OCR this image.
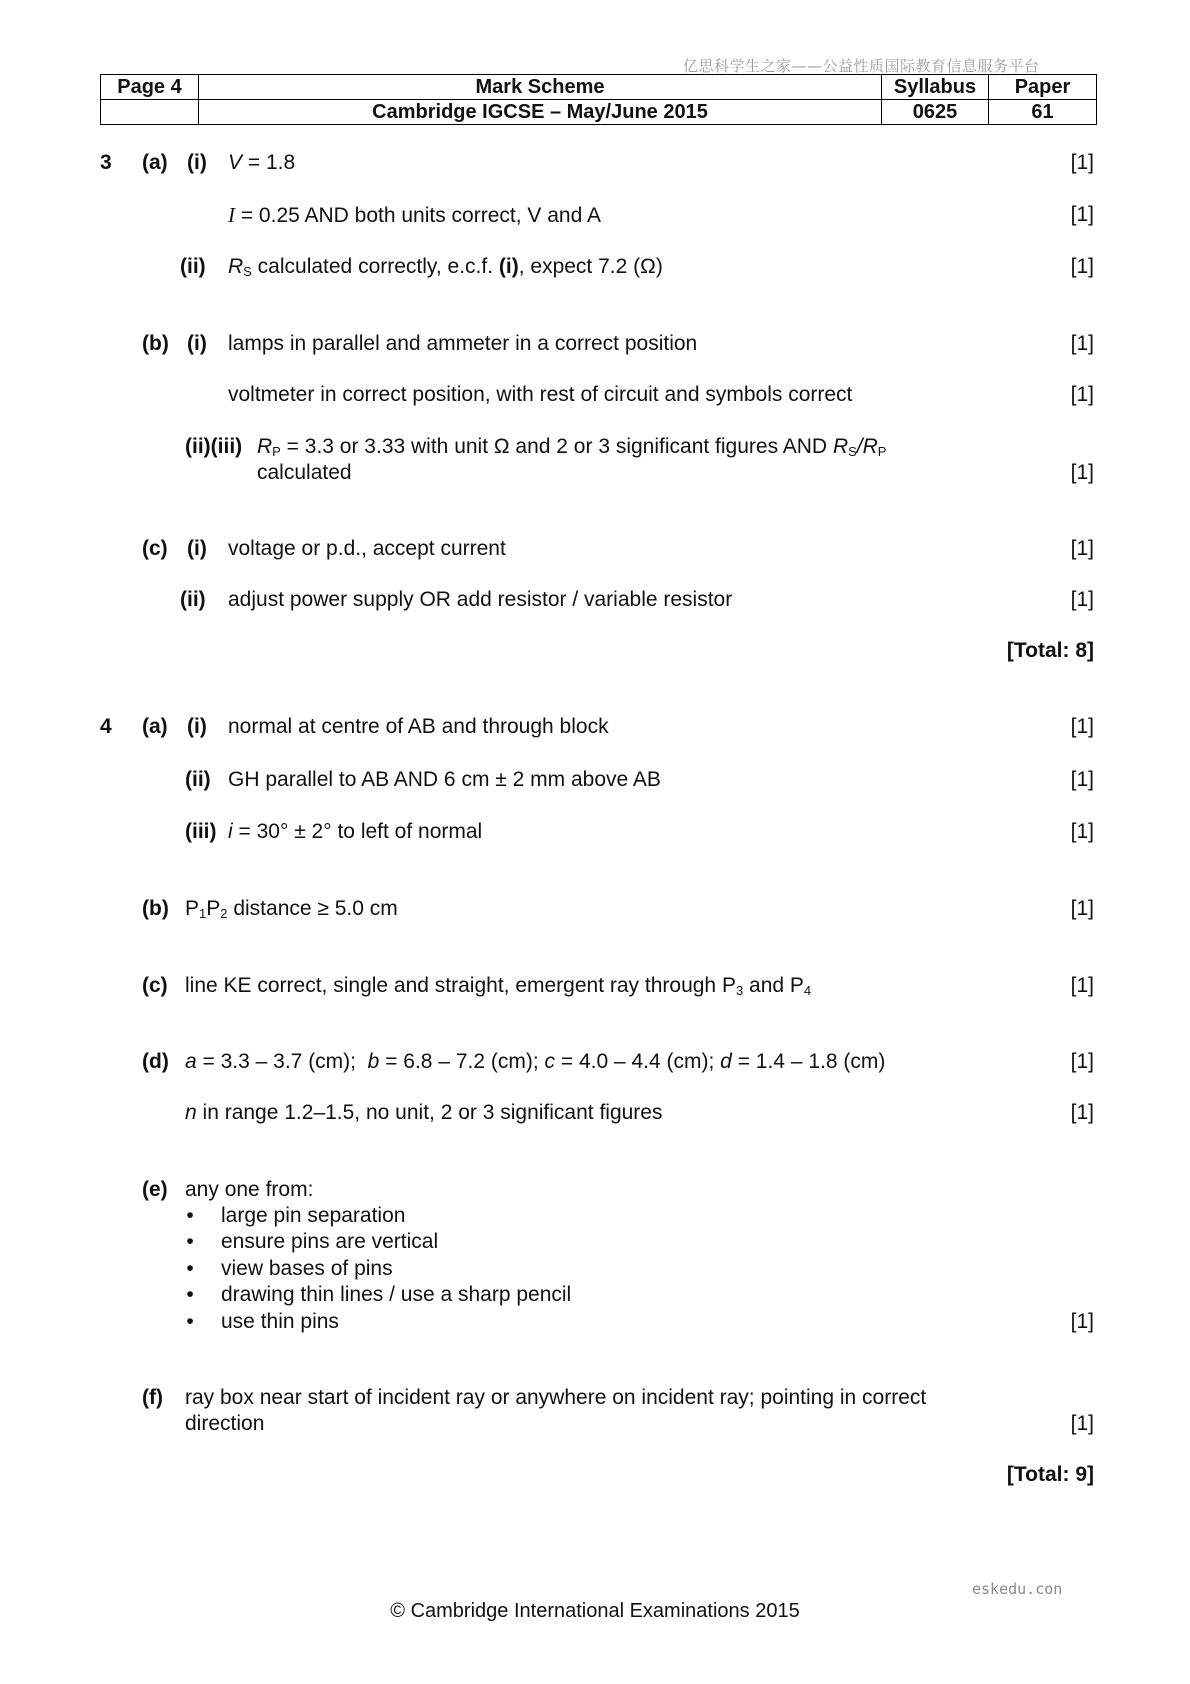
亿思科学生之家——公益性质国际教育信息服务平台
Page 4	Mark Scheme	Syllabus	Paper
	Cambridge IGCSE – May/June 2015	0625	61
3 (a) (i) V = 1.8	[1]
I = 0.25 AND both units correct, V and A	[1]
(ii) $R_S$ calculated correctly, e.c.f. (i), expect 7.2 (Ω)	[1]
(b) (i) lamps in parallel and ammeter in a correct position	[1]
voltmeter in correct position, with rest of circuit and symbols correct	[1]
(ii)(iii) $R_P = 3.3$ or 3.33 with unit Ω and 2 or 3 significant figures AND $R_S/R_P$
calculated	[1]
(c) (i) voltage or p.d., accept current	[1]
(ii) adjust power supply OR add resistor / variable resistor	[1]
[Total: 8]
4 (a) (i) normal at centre of AB and through block	[1]
(ii) GH parallel to AB AND 6 cm ± 2 mm above AB	[1]
(iii) i = 30° ± 2° to left of normal	[1]
(b) $P_1P_2$ distance ≥ 5.0 cm	[1]
(c) line KE correct, single and straight, emergent ray through $P_3$ and $P_4$	[1]
(d) a = 3.3 – 3.7 (cm);  b = 6.8 – 7.2 (cm); c = 4.0 – 4.4 (cm); d = 1.4 – 1.8 (cm)	[1]
n in range 1.2–1.5, no unit, 2 or 3 significant figures	[1]
(e) any one from:
• large pin separation
• ensure pins are vertical
• view bases of pins
• drawing thin lines / use a sharp pencil
• use thin pins	[1]
(f) ray box near start of incident ray or anywhere on incident ray; pointing in correct
direction	[1]
[Total: 9]
eskedu.con
© Cambridge International Examinations 2015
